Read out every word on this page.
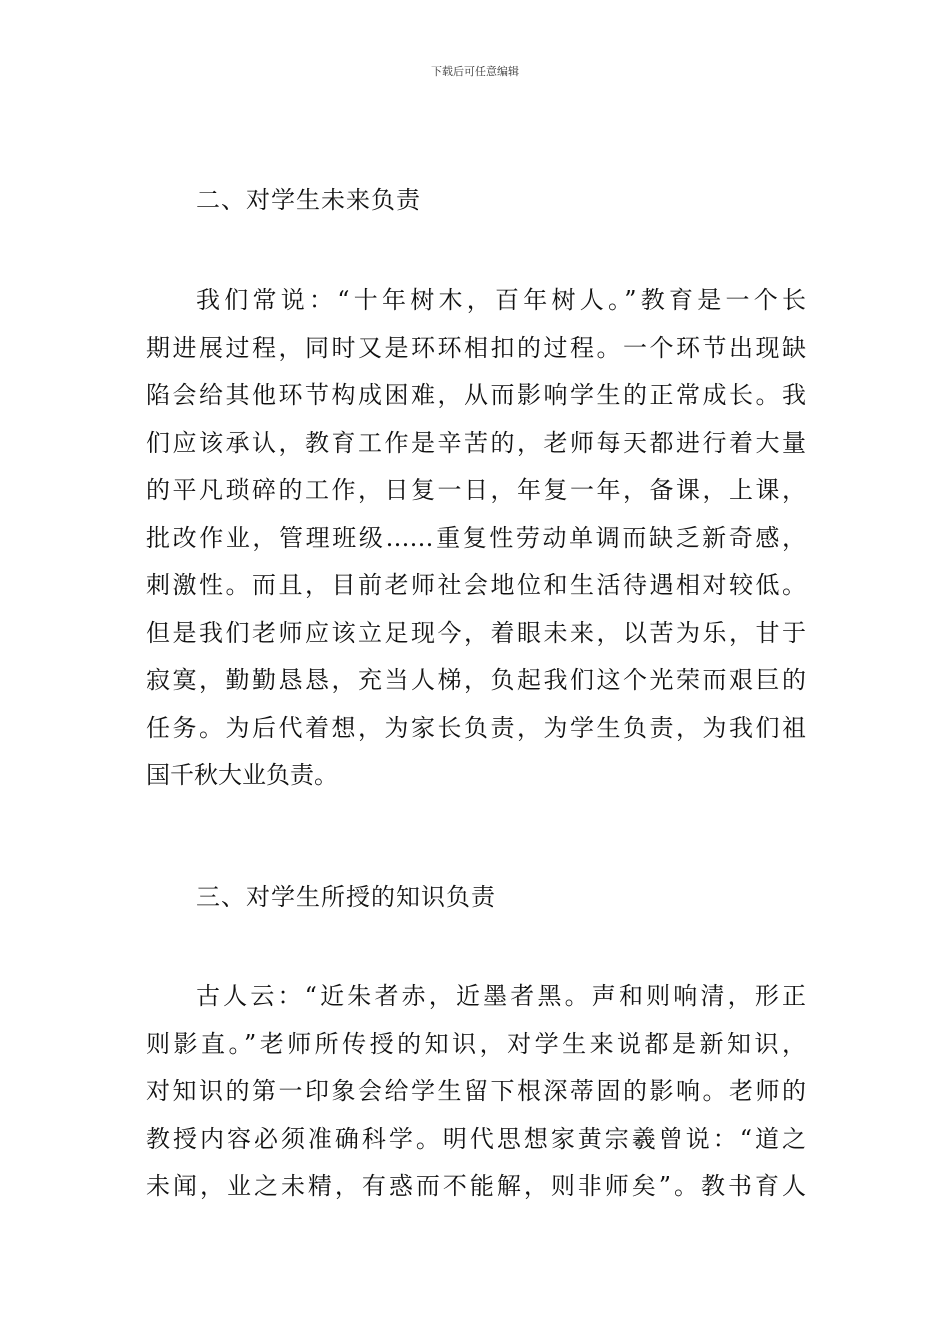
下载后可任意编辑
二、对学生未来负责
我们常说：“十年树木，百年树人。”教育是一个长
期进展过程，同时又是环环相扣的过程。一个环节出现缺
陷会给其他环节构成困难，从而影响学生的正常成长。我
们应该承认，教育工作是辛苦的，老师每天都进行着大量
的平凡琐碎的工作，日复一日，年复一年，备课，上课，
批改作业，管理班级……重复性劳动单调而缺乏新奇感，
刺激性。而且，目前老师社会地位和生活待遇相对较低。
但是我们老师应该立足现今，着眼未来，以苦为乐，甘于
寂寞，勤勤恳恳，充当人梯，负起我们这个光荣而艰巨的
任务。为后代着想，为家长负责，为学生负责，为我们祖
国千秋大业负责。
三、对学生所授的知识负责
古人云：“近朱者赤，近墨者黑。声和则响清，形正
则影直。”老师所传授的知识，对学生来说都是新知识，
对知识的第一印象会给学生留下根深蒂固的影响。老师的
教授内容必须准确科学。明代思想家黄宗羲曾说：“道之
未闻，业之未精，有惑而不能解，则非师矣”。教书育人
